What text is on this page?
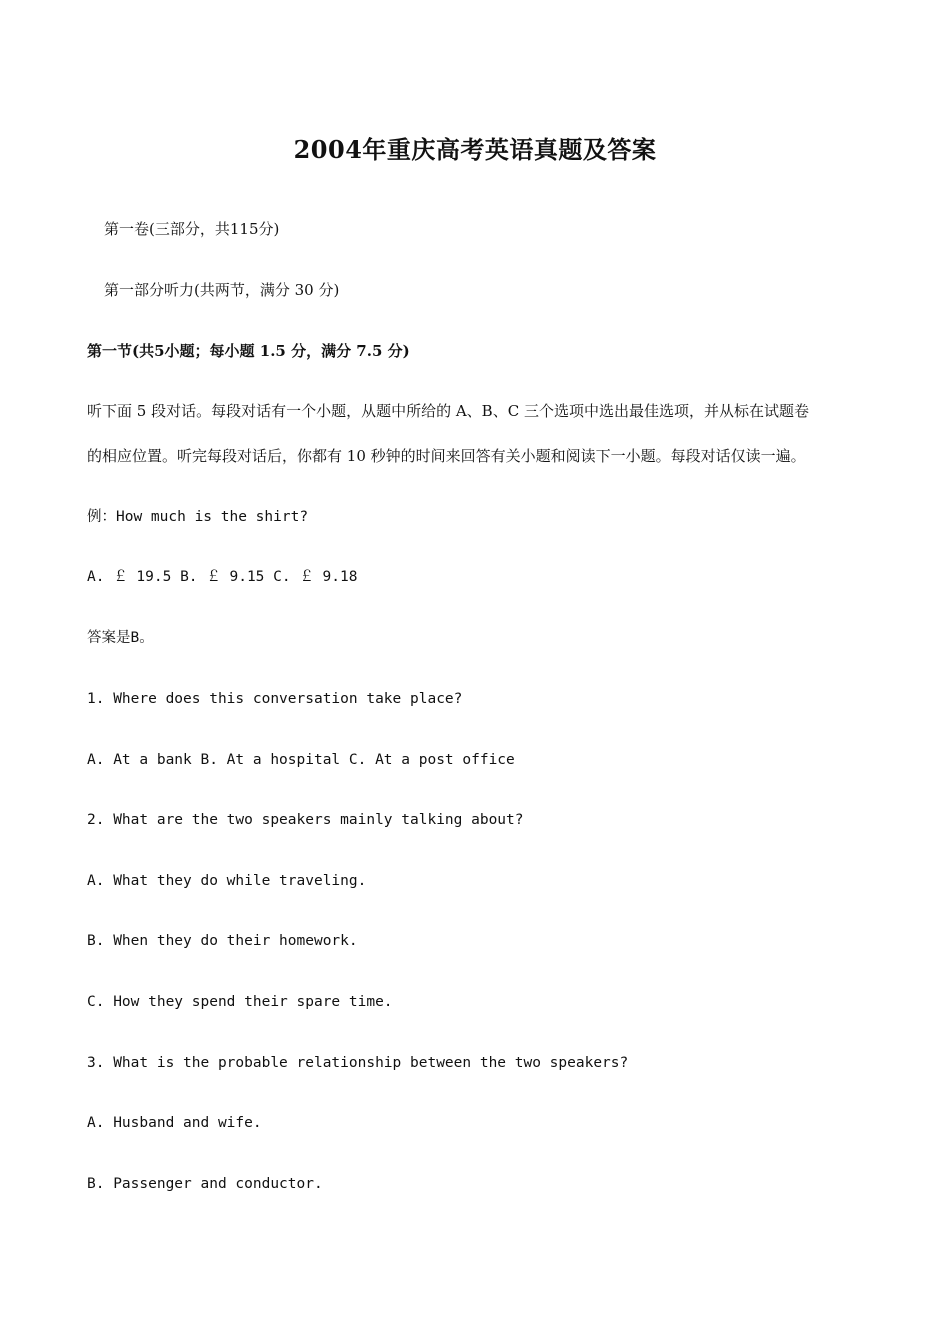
2004年重庆高考英语真题及答案
第一卷(三部分，共115分)
第一部分听力(共两节，满分 30 分)
第一节(共5小题；每小题 1.5 分，满分 7.5 分)
听下面 5 段对话。每段对话有一个小题，从题中所给的 A、B、C 三个选项中选出最佳选项，并从标在试题卷
的相应位置。听完每段对话后，你都有 10 秒钟的时间来回答有关小题和阅读下一小题。每段对话仅读一遍。
例：How much is the shirt?
A. ￡ 19.5 B. ￡ 9.15 C. ￡ 9.18
答案是B。
1. Where does this conversation take place?
A. At a bank B. At a hospital C. At a post office
2. What are the two speakers mainly talking about?
A. What they do while traveling.
B. When they do their homework.
C. How they spend their spare time.
3. What is the probable relationship between the two speakers?
A. Husband and wife.
B. Passenger and conductor.
